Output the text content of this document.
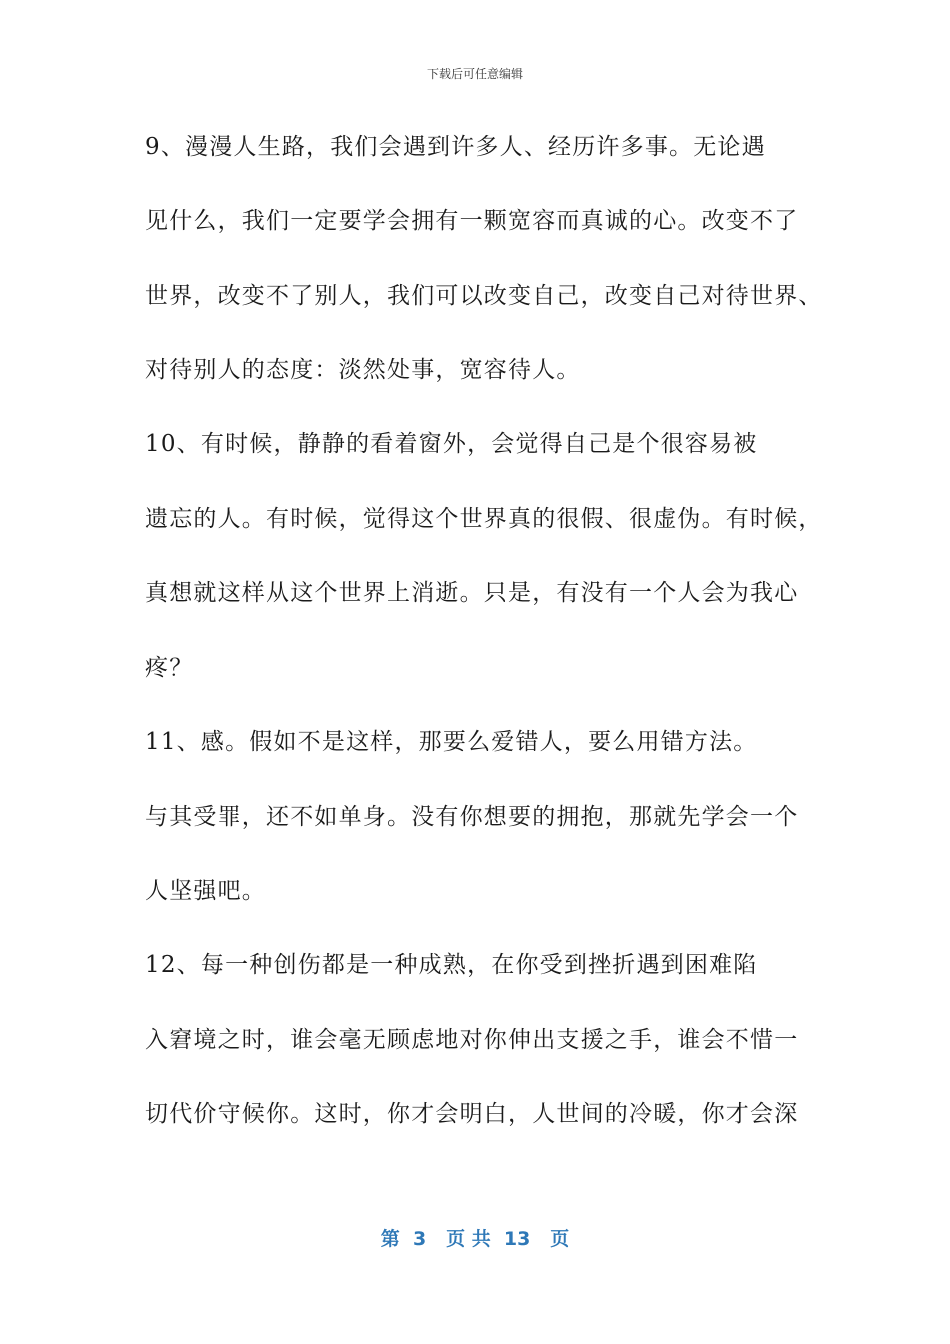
下载后可任意编辑
9、漫漫人生路，我们会遇到许多人、经历许多事。无论遇
见什么，我们一定要学会拥有一颗宽容而真诚的心。改变不了
世界，改变不了别人，我们可以改变自己，改变自己对待世界、
对待别人的态度：淡然处事，宽容待人。
10、有时候，静静的看着窗外，会觉得自己是个很容易被
遗忘的人。有时候，觉得这个世界真的很假、很虚伪。有时候，
真想就这样从这个世界上消逝。只是，有没有一个人会为我心
疼？
11、感。假如不是这样，那要么爱错人，要么用错方法。
与其受罪，还不如单身。没有你想要的拥抱，那就先学会一个
人坚强吧。
12、每一种创伤都是一种成熟，在你受到挫折遇到困难陷
入窘境之时，谁会毫无顾虑地对你伸出支援之手，谁会不惜一
切代价守候你。这时，你才会明白，人世间的冷暖，你才会深
第  3   页 共  13   页
